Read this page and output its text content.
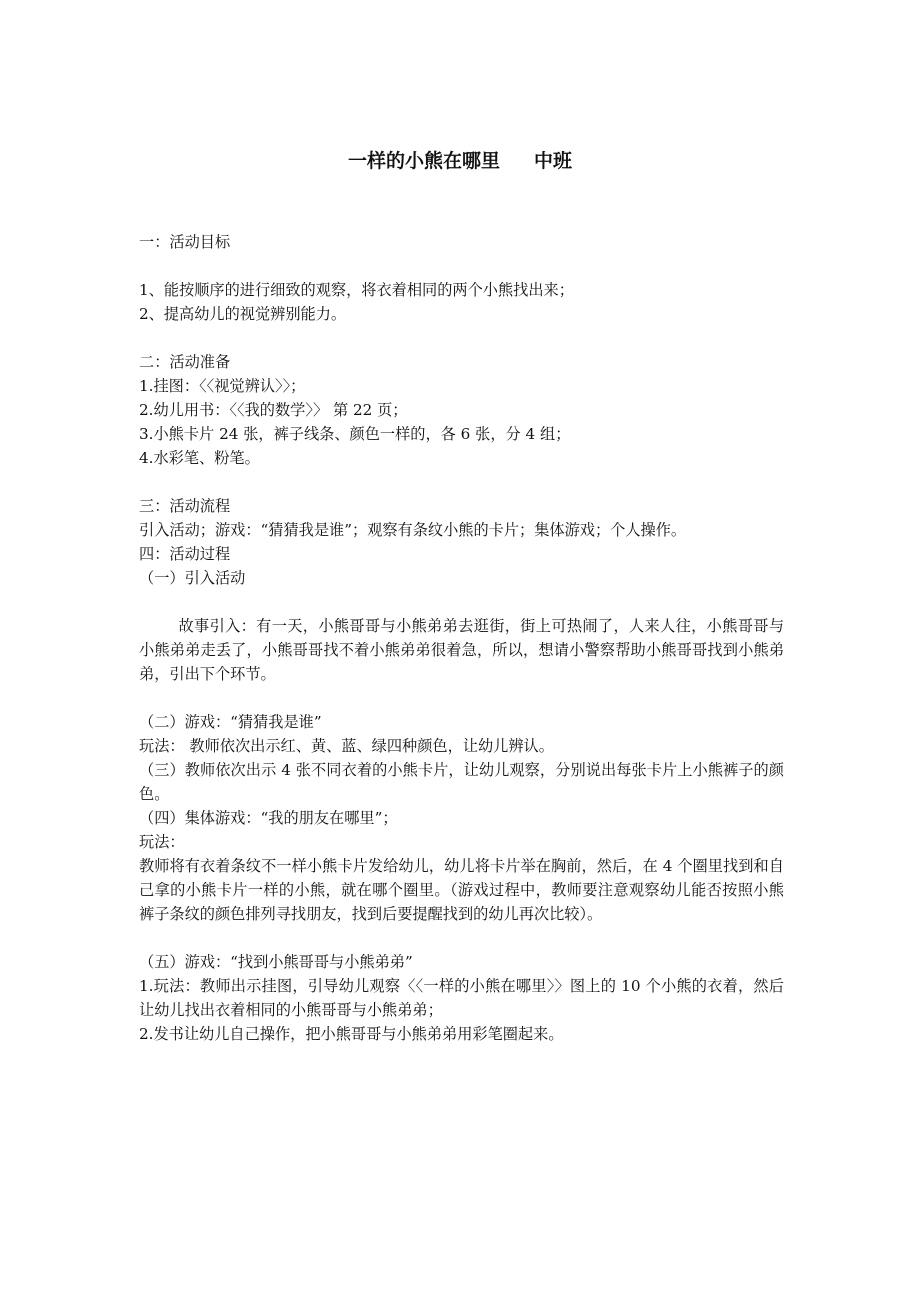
一样的小熊在哪里 中班

一：活动目标

1、能按顺序的进行细致的观察，将衣着相同的两个小熊找出来；

2、提高幼儿的视觉辨别能力。

二：活动准备

1.挂图：〈〈视觉辨认〉〉；

2.幼儿用书：〈〈我的数学〉〉 第 22 页；

3.小熊卡片 24 张，裤子线条、颜色一样的，各 6 张，分 4 组；

4.水彩笔、粉笔。

三：活动流程

引入活动；游戏：“猜猜我是谁”；观察有条纹小熊的卡片；集体游戏；个人操作。

四：活动过程

（一）引入活动

故事引入：有一天，小熊哥哥与小熊弟弟去逛街，街上可热闹了，人来人往，小熊哥哥与小熊弟弟走丢了，小熊哥哥找不着小熊弟弟很着急，所以，想请小警察帮助小熊哥哥找到小熊弟弟，引出下个环节。

（二）游戏：“猜猜我是谁”

玩法： 教师依次出示红、黄、蓝、绿四种颜色，让幼儿辨认。

（三）教师依次出示 4 张不同衣着的小熊卡片，让幼儿观察，分别说出每张卡片上小熊裤子的颜色。

（四）集体游戏：“我的朋友在哪里”；

玩法：

教师将有衣着条纹不一样小熊卡片发给幼儿，幼儿将卡片举在胸前，然后，在 4 个圈里找到和自己拿的小熊卡片一样的小熊，就在哪个圈里。（游戏过程中，教师要注意观察幼儿能否按照小熊裤子条纹的颜色排列寻找朋友，找到后要提醒找到的幼儿再次比较）。

（五）游戏：“找到小熊哥哥与小熊弟弟”

1.玩法：教师出示挂图，引导幼儿观察〈〈一样的小熊在哪里〉〉图上的 10 个小熊的衣着，然后让幼儿找出衣着相同的小熊哥哥与小熊弟弟；

2.发书让幼儿自己操作，把小熊哥哥与小熊弟弟用彩笔圈起来。
